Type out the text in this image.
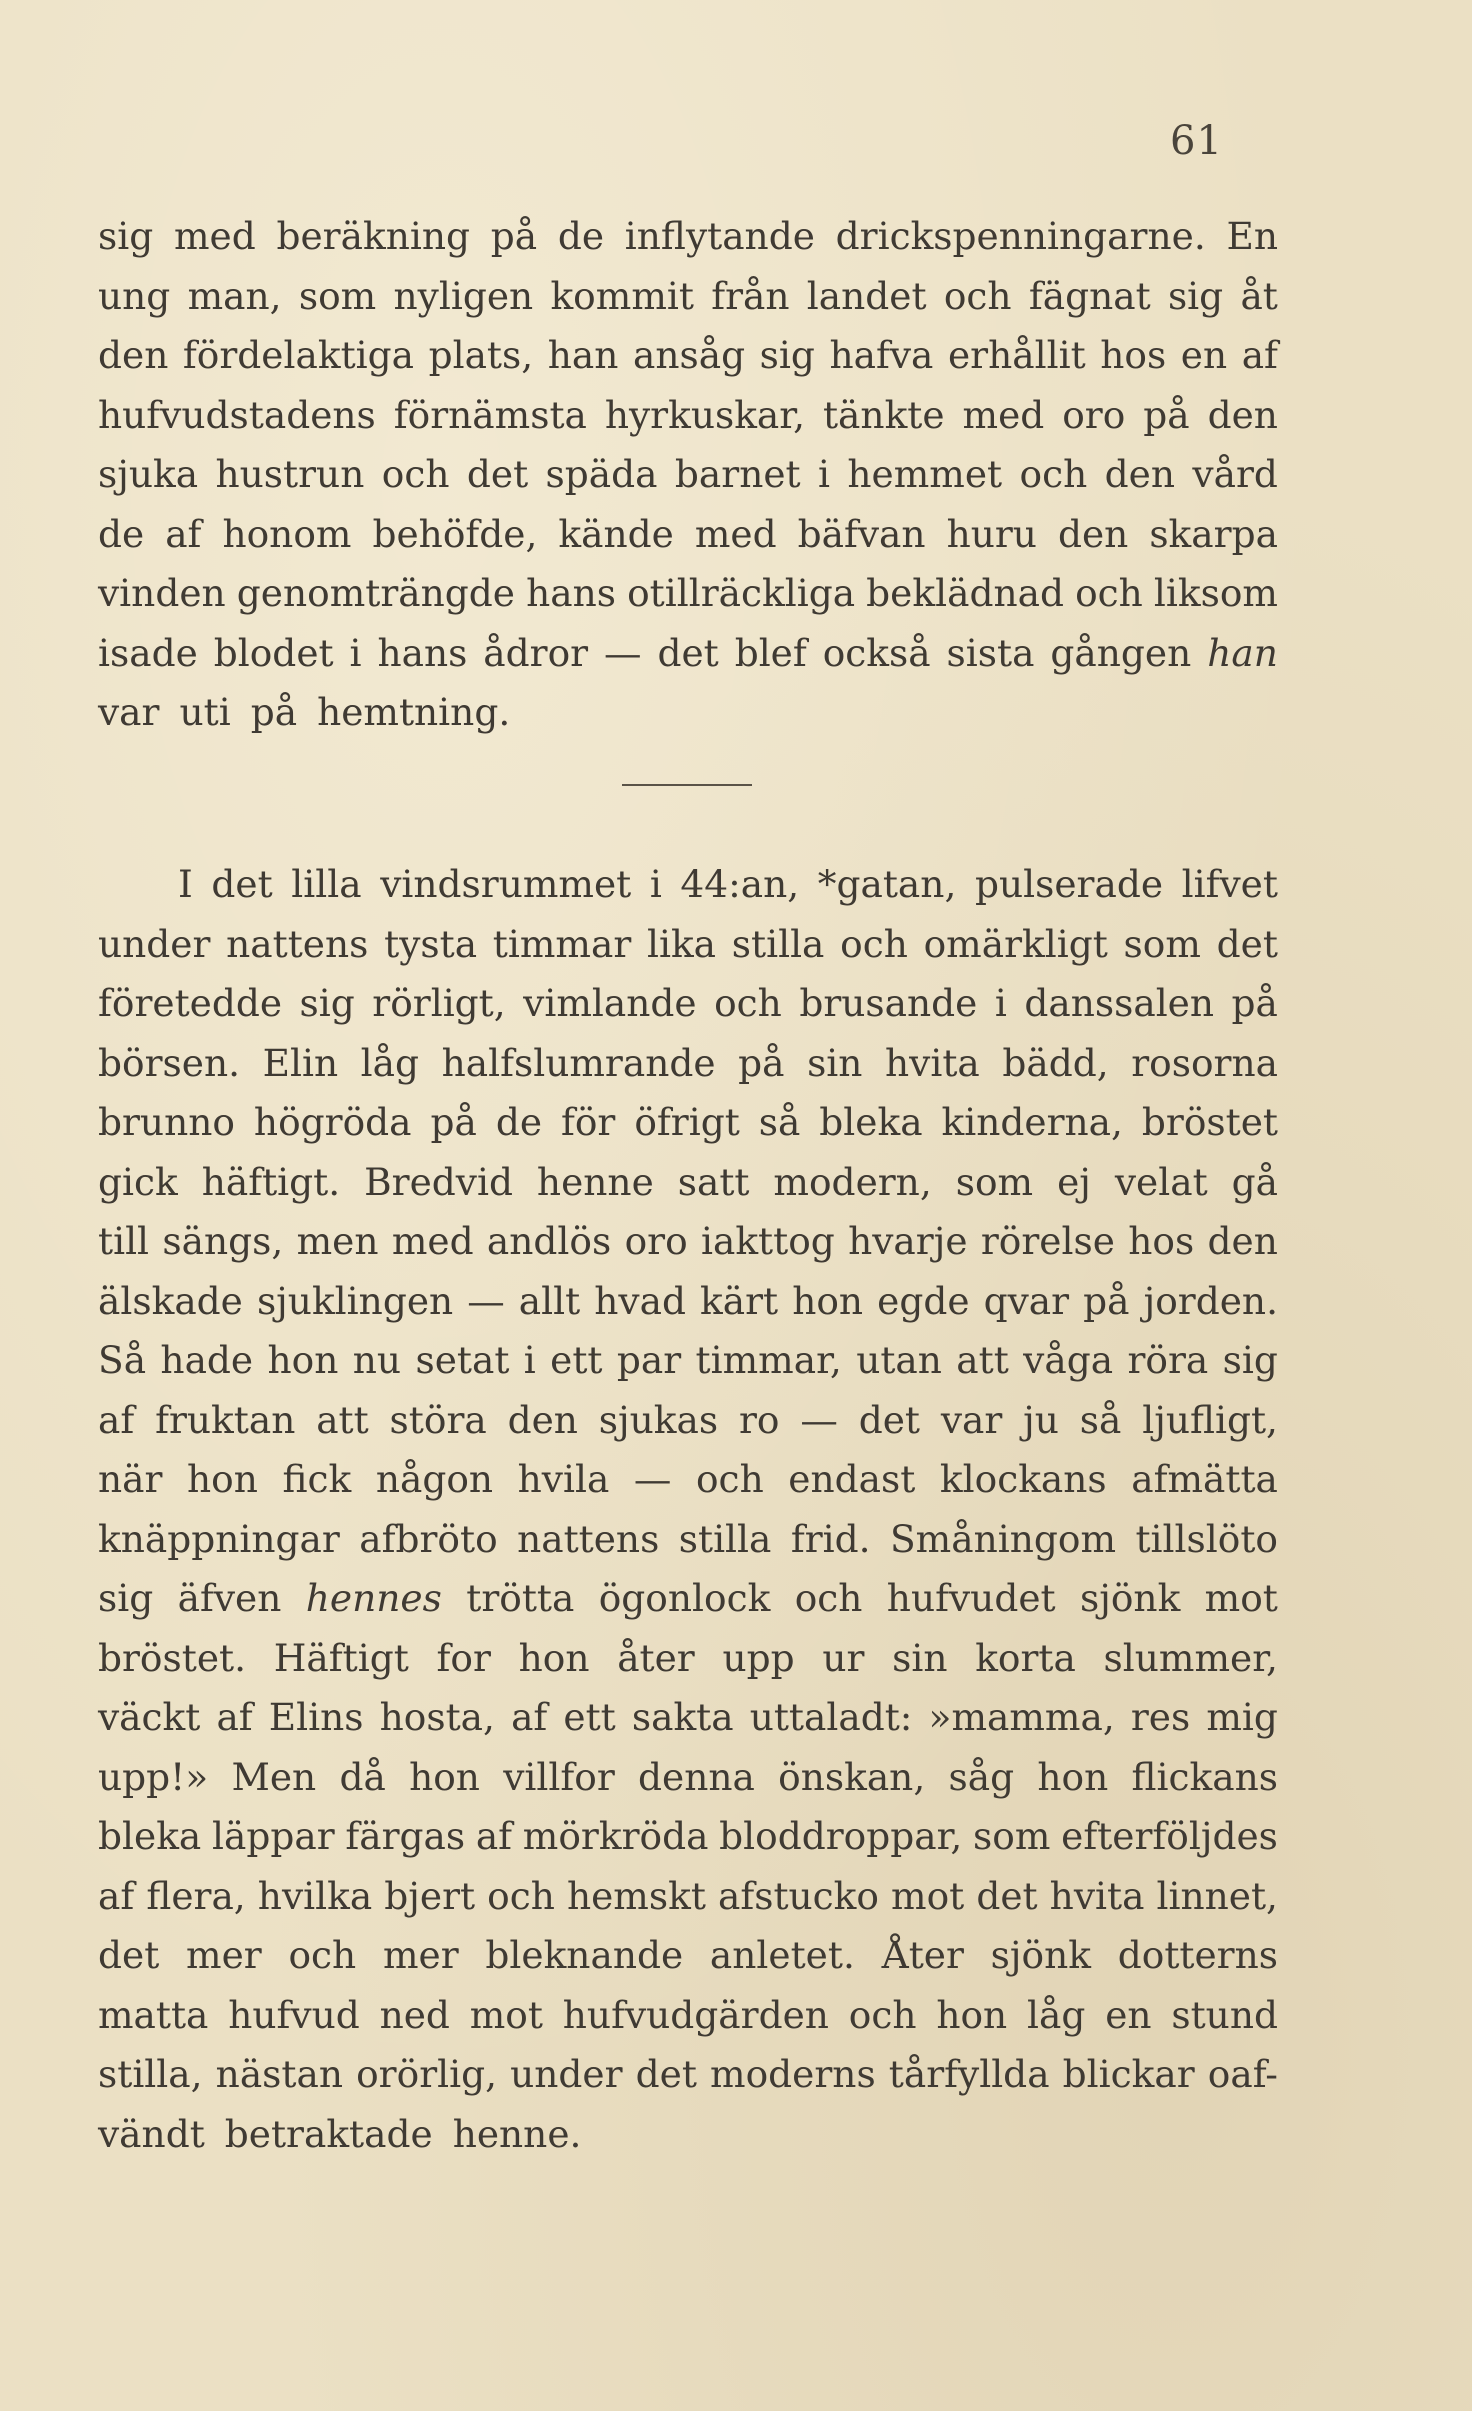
61
sig med beräkning på de inflytande drickspenningarne. En
ung man, som nyligen kommit från landet och fägnat sig åt
den fördelaktiga plats, han ansåg sig hafva erhållit hos en af
hufvudstadens förnämsta hyrkuskar, tänkte med oro på den
sjuka hustrun och det späda barnet i hemmet och den vård
de af honom behöfde, kände med bäfvan huru den skarpa
vinden genomträngde hans otillräckliga beklädnad och liksom
isade blodet i hans ådror — det blef också sista gången han
var uti på hemtning.
I det lilla vindsrummet i 44:an, *gatan, pulserade lifvet
under nattens tysta timmar lika stilla och omärkligt som det
företedde sig rörligt, vimlande och brusande i danssalen på
börsen. Elin låg halfslumrande på sin hvita bädd, rosorna
brunno högröda på de för öfrigt så bleka kinderna, bröstet
gick häftigt. Bredvid henne satt modern, som ej velat gå
till sängs, men med andlös oro iakttog hvarje rörelse hos den
älskade sjuklingen — allt hvad kärt hon egde qvar på jorden.
Så hade hon nu setat i ett par timmar, utan att våga röra sig
af fruktan att störa den sjukas ro — det var ju så ljufligt,
när hon fick någon hvila — och endast klockans afmätta
knäppningar afbröto nattens stilla frid. Småningom tillslöto
sig äfven hennes trötta ögonlock och hufvudet sjönk mot
bröstet. Häftigt for hon åter upp ur sin korta slummer,
väckt af Elins hosta, af ett sakta uttaladt: »mamma, res mig
upp!» Men då hon villfor denna önskan, såg hon flickans
bleka läppar färgas af mörkröda bloddroppar, som efterföljdes
af flera, hvilka bjert och hemskt afstucko mot det hvita linnet,
det mer och mer bleknande anletet. Åter sjönk dotterns
matta hufvud ned mot hufvudgärden och hon låg en stund
stilla, nästan orörlig, under det moderns tårfyllda blickar oaf-
vändt betraktade henne.
